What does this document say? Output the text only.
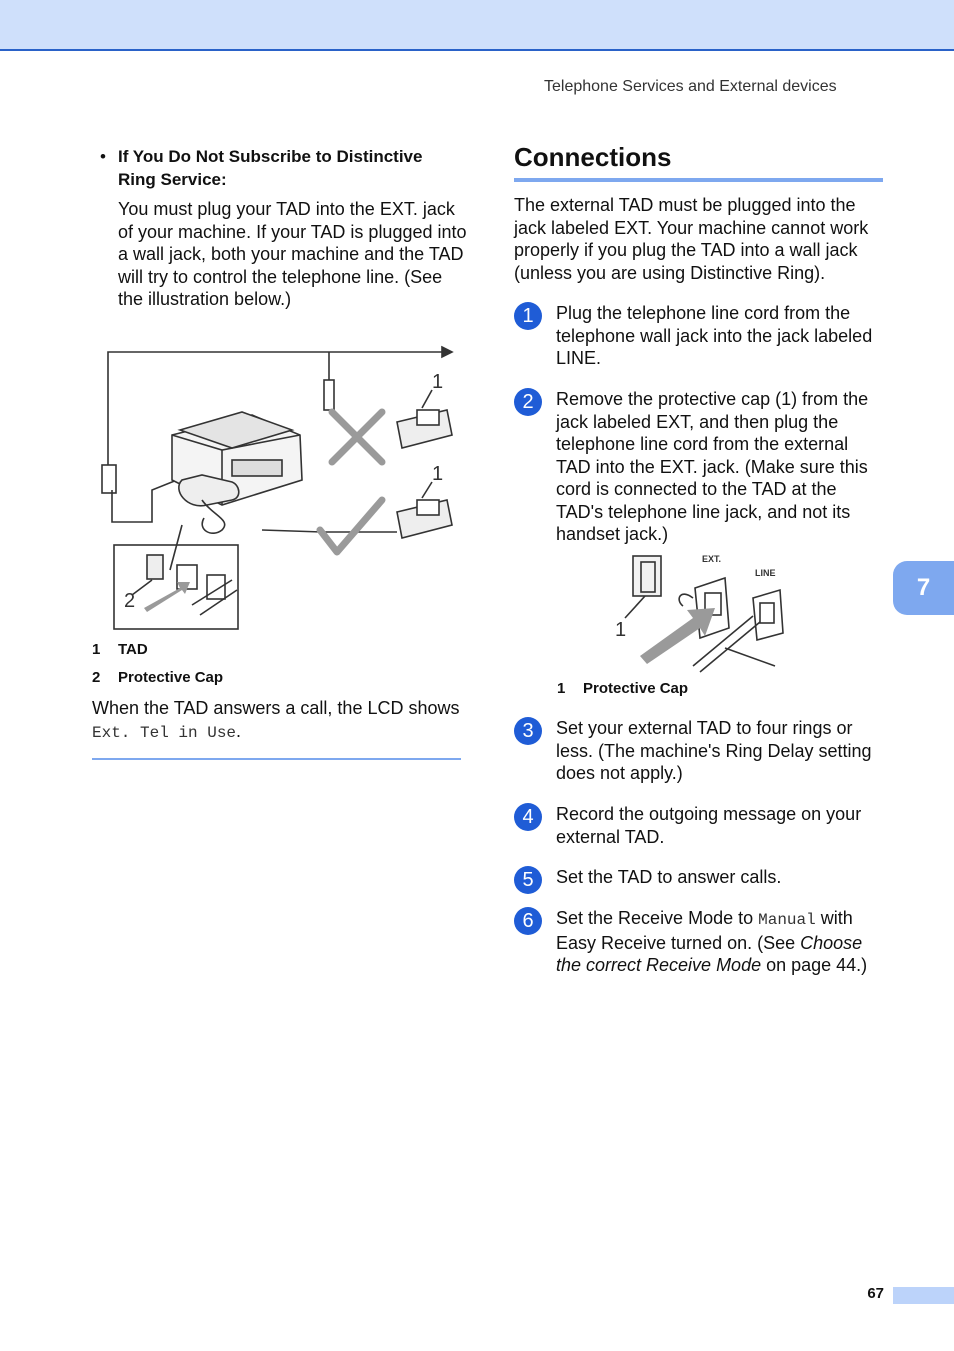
Telephone Services and External devices
7
67
• If You Do Not Subscribe to Distinctive Ring Service:
You must plug your TAD into the EXT. jack of your machine. If your TAD is plugged into a wall jack, both your machine and the TAD will try to control the telephone line. (See the illustration below.)
1
1
2
1 TAD
2 Protective Cap
When the TAD answers a call, the LCD shows Ext. Tel in Use.
Connections
The external TAD must be plugged into the jack labeled EXT. Your machine cannot work properly if you plug the TAD into a wall jack (unless you are using Distinctive Ring).
1	Plug the telephone line cord from the telephone wall jack into the jack labeled LINE.
2	Remove the protective cap (1) from the jack labeled EXT, and then plug the telephone line cord from the external TAD into the EXT. jack. (Make sure this cord is connected to the TAD at the TAD's telephone line jack, and not its handset jack.)
EXT.
LINE
1
1 Protective Cap
3	Set your external TAD to four rings or less. (The machine's Ring Delay setting does not apply.)
4	Record the outgoing message on your external TAD.
5	Set the TAD to answer calls.
6	Set the Receive Mode to Manual with Easy Receive turned on. (See Choose the correct Receive Mode on page 44.)
